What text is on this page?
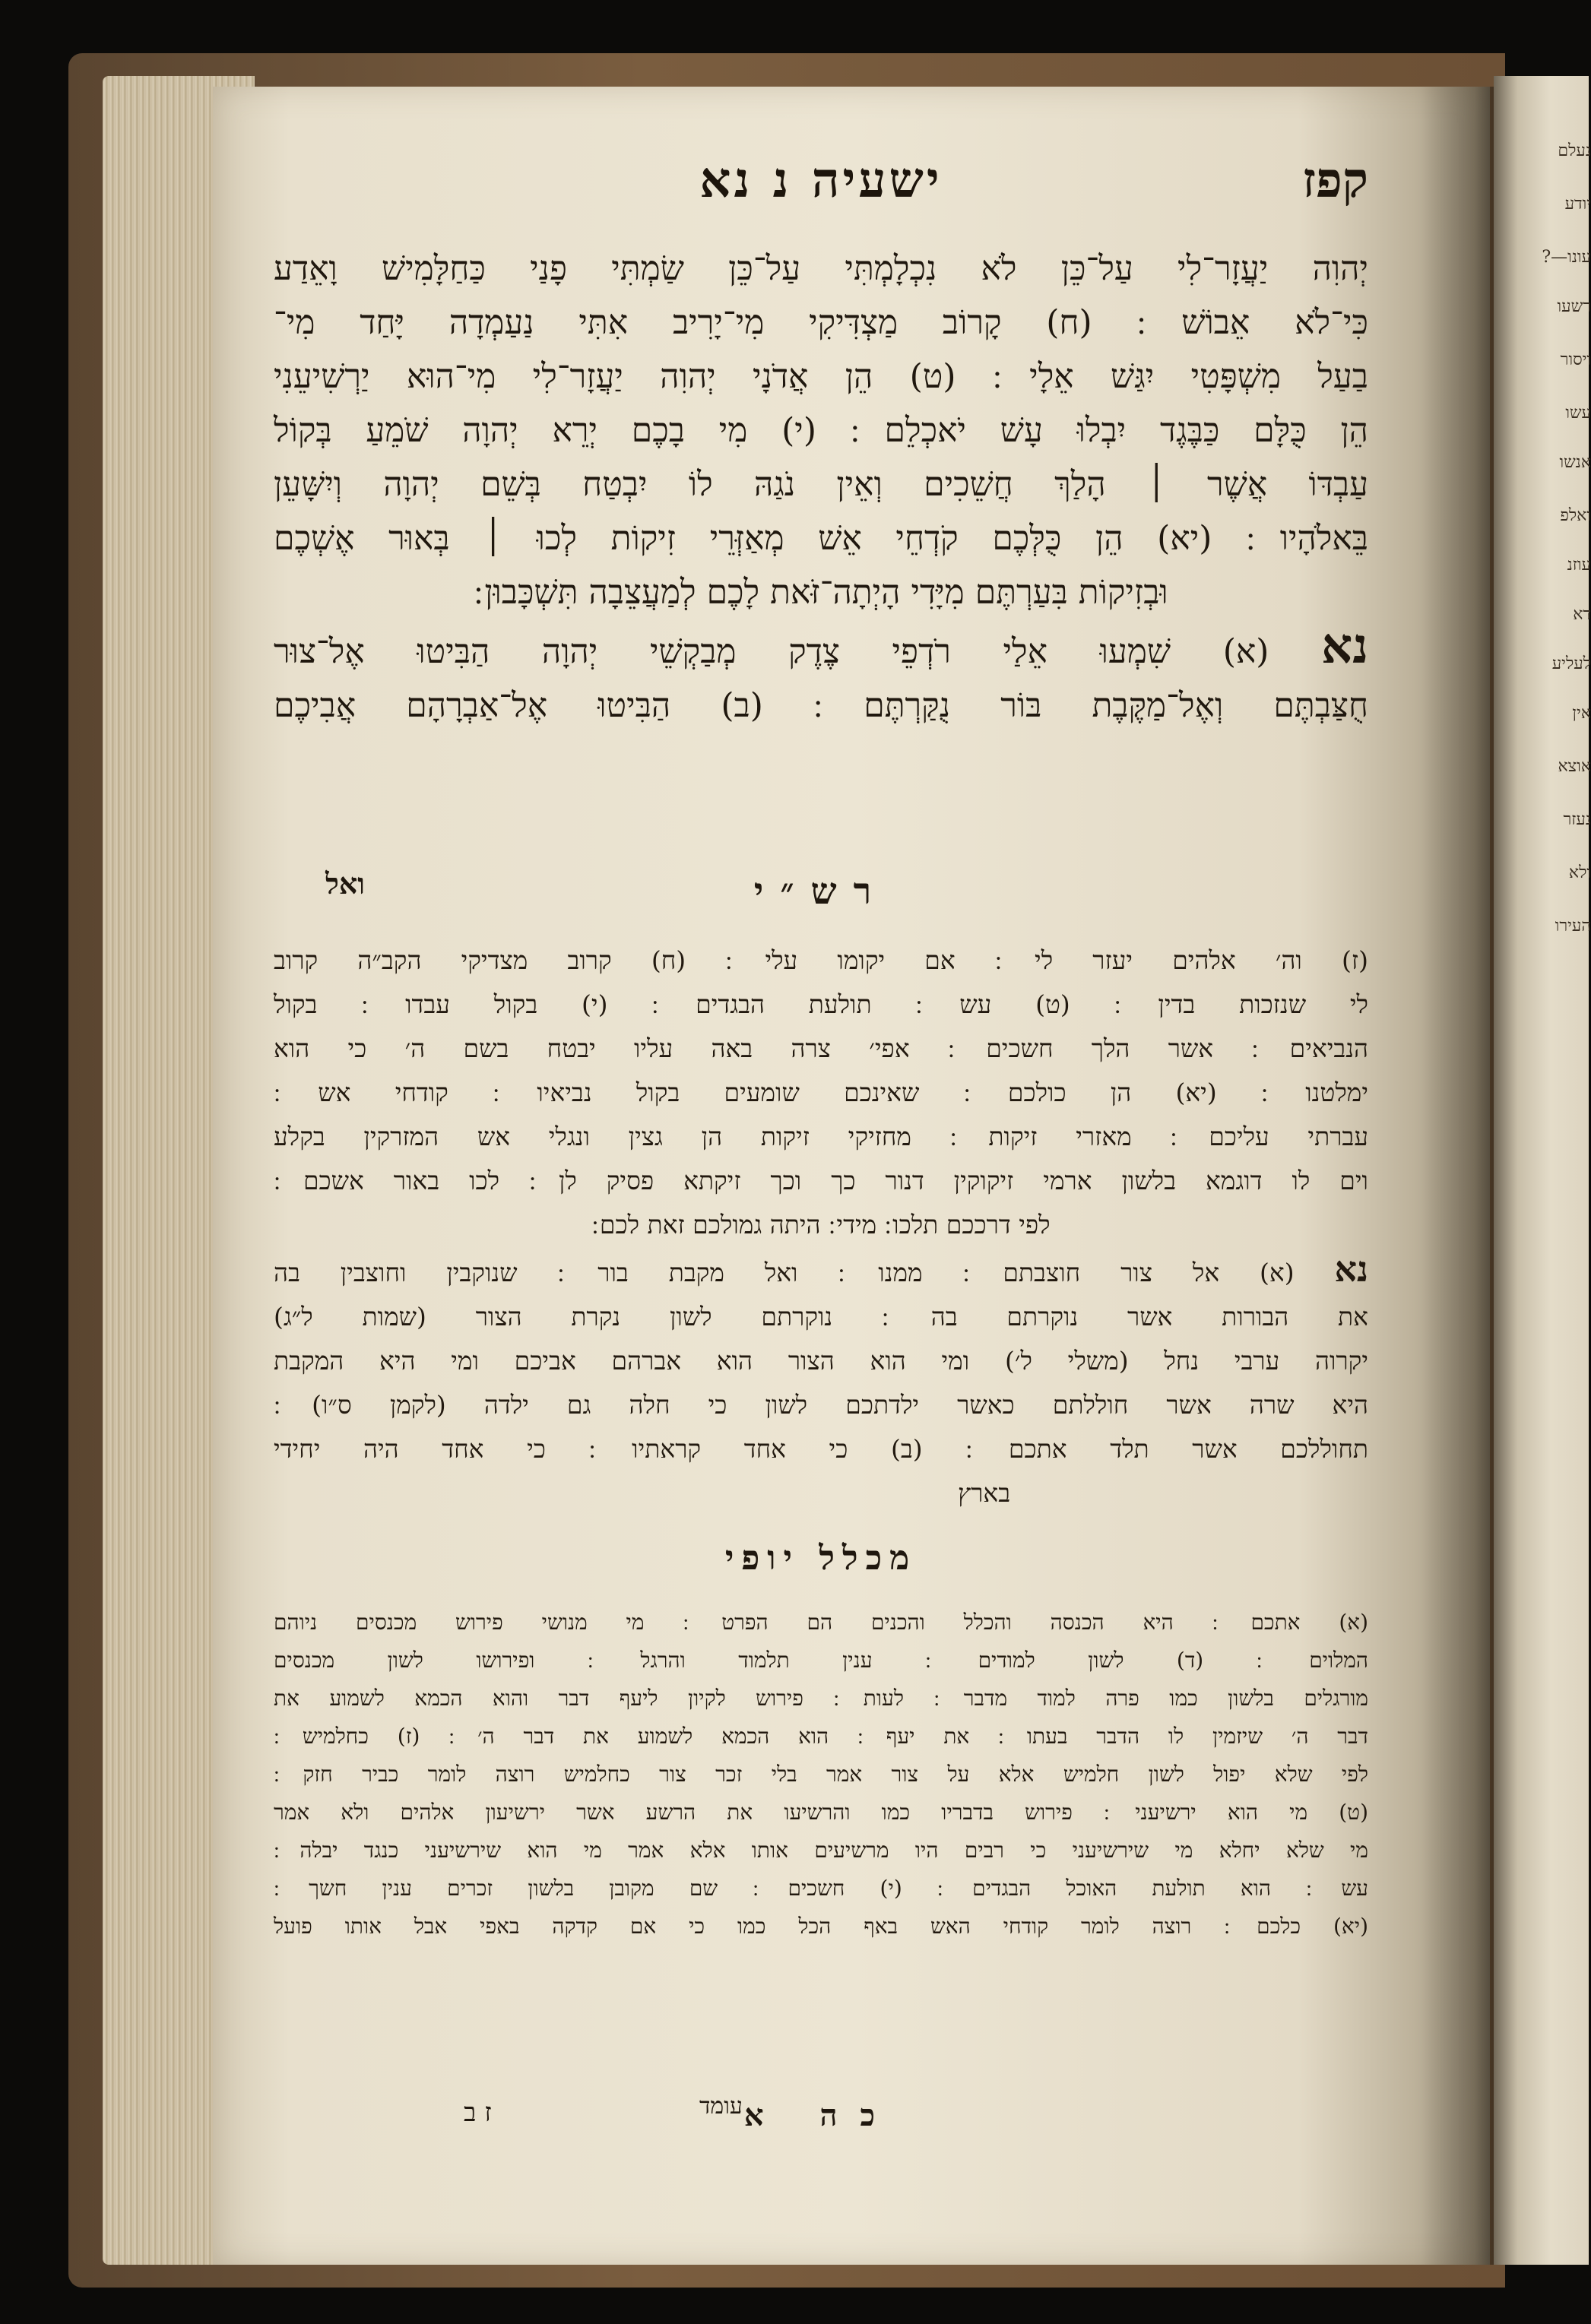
נעלם
יודע
עונו—?
רשעו
ויסור
עשו
אנשו
ואלפ
עוזנ
דא
לעליע
אין
אוצא
נעזר
ולא
העירו
קפז
ישעיה נ נא
יְהוִה יַעֲזָר־לִי עַל־כֵּן לֹא נִכְלָמְתִּי עַל־כֵּן שַׂמְתִּי פָנַי כַּחַלָּמִישׁ וָאֵדַע
כִּי־לֹא אֵבוֹשׁ ׃ (ח) קָרוֹב מַצְדִּיקִי מִי־יָרִיב אִתִּי נַעַמְדָה יָּחַד מִי־
בַעַל מִשְׁפָּטִי יִגַּשׁ אֵלָי ׃ (ט) הֵן אֲדֹנָי יְהוִה יַעֲזָר־לִי מִי־הוּא יַרְשִׁיעֵנִי
הֵן כֻּלָּם כַּבֶּגֶד יִבְלוּ עָשׁ יֹאכְלֵם ׃ (י) מִי בָכֶם יְרֵא יְהוָה שֹׁמֵעַ בְּקוֹל
עַבְדּוֹ אֲשֶׁר ׀ הָלַךְ חֲשֵׁכִים וְאֵין נֹגַהּ לוֹ יִבְטַח בְּשֵׁם יְהוָה וְיִשָּׁעֵן
בֵּאלֹהָיו ׃ (יא) הֵן כֻּלְּכֶם קֹדְחֵי אֵשׁ מְאַזְּרֵי זִיקוֹת לְכוּ ׀ בְּאוּר אֶשְׁכֶם
וּבְזִיקוֹת בִּעַרְתֶּם מִיָּדִי הָיְתָה־זֹּאת לָכֶם לְמַעֲצֵבָה תִּשְׁכָּבוּן ׃
נא (א) שִׁמְעוּ אֵלַי רֹדְפֵי צֶדֶק מְבַקְשֵׁי יְהוָה הַבִּיטוּ אֶל־צוּר
חֻצַּבְתֶּם וְאֶל־מַקֶּבֶת בּוֹר נֻקַּרְתֶּם ׃ (ב) הַבִּיטוּ אֶל־אַבְרָהָם אֲבִיכֶם
ואל	רש״י
(ז) וה׳ אלהים יעזר לי ׃ אם יקומו עלי ׃ (ח) קרוב מצדיקי הקב״ה קרוב
לי שנזכות בדין ׃ (ט) עש ׃ תולעת הבגדים ׃ (י) בקול עבדו ׃ בקול
הנביאים ׃ אשר הלך חשכים ׃ אפי׳ צרה באה עליו יבטח בשם ה׳ כי הוא
ימלטנו ׃ (יא) הן כולכם ׃ שאינכם שומעים בקול נביאיו ׃ קודחי אש ׃
עברתי עליכם ׃ מאזרי זיקות ׃ מחזיקי זיקות הן גצין ונגלי אש המזרקין בקלע
וים לו דוגמא בלשון ארמי זיקוקין דנור כך וכך זיקתא פסיק לן ׃ לכו באור אשכם ׃
לפי דרככם תלכו ׃ מידי ׃ היתה גמולכם זאת לכם ׃
נא (א) אל צור חוצבתם ׃ ממנו ׃ ואל מקבת בור ׃ שנוקבין וחוצבין בה
את הבורות אשר נוקרתם בה ׃ נוקרתם לשון נקרת הצור (שמות ל״ג)
יקרוה ערבי נחל (משלי ל׳) ומי הוא הצור הוא אברהם אביכם ומי היא המקבת
היא שרה אשר חוללתם כאשר ילדתכם לשון כי חלה גם ילדה (לקמן ס״ו) ׃
תחוללכם אשר תלד אתכם ׃ (ב) כי אחד קראתיו ׃ כי אחד היה יחידי
בארץ
מכלל יופי
(א) אתכם ׃ היא הכנסה והכלל והכנים הם הפרט ׃ מי מנושי פירוש מכנסים ניוהם
המלוים ׃ (ד) לשון למודים ׃ ענין תלמוד והרגל ׃ ופירושו לשון מכנסים
מורגלים בלשון כמו פרה למוד מדבר ׃ לעות ׃ פירוש לקיון ליעף דבר והוא הכמא לשמוע את
דבר ה׳ שיזמין לו הדבר בעתו ׃ את יעף ׃ הוא הכמא לשמוע את דבר ה׳ ׃ (ז) כחלמיש ׃
לפי שלא יפול לשון חלמיש אלא על צור אמר בלי זכר צור כחלמיש רוצה לומר כביר חזק ׃
(ט) מי הוא ירשיעני ׃ פירוש בדבריו כמו והרשיעו את הרשע אשר ירשיעון אלהים ולא אמר
מי שלא יחלא מי שירשיעני כי רבים היו מרשיעים אותו אלא אמר מי הוא שירשיעני כנגד יבלה ׃
עש ׃ הוא תולעת האוכל הבגדים ׃ (י) חשכים ׃ שם מקובן בלשון זכרים ענין חשך ׃
(יא) כלכם ׃ רוצה לומר קודחי האש באף הכל כמו כי אם קדקה באפי אבל אותו פועל
כה א
עומד
ז ב
